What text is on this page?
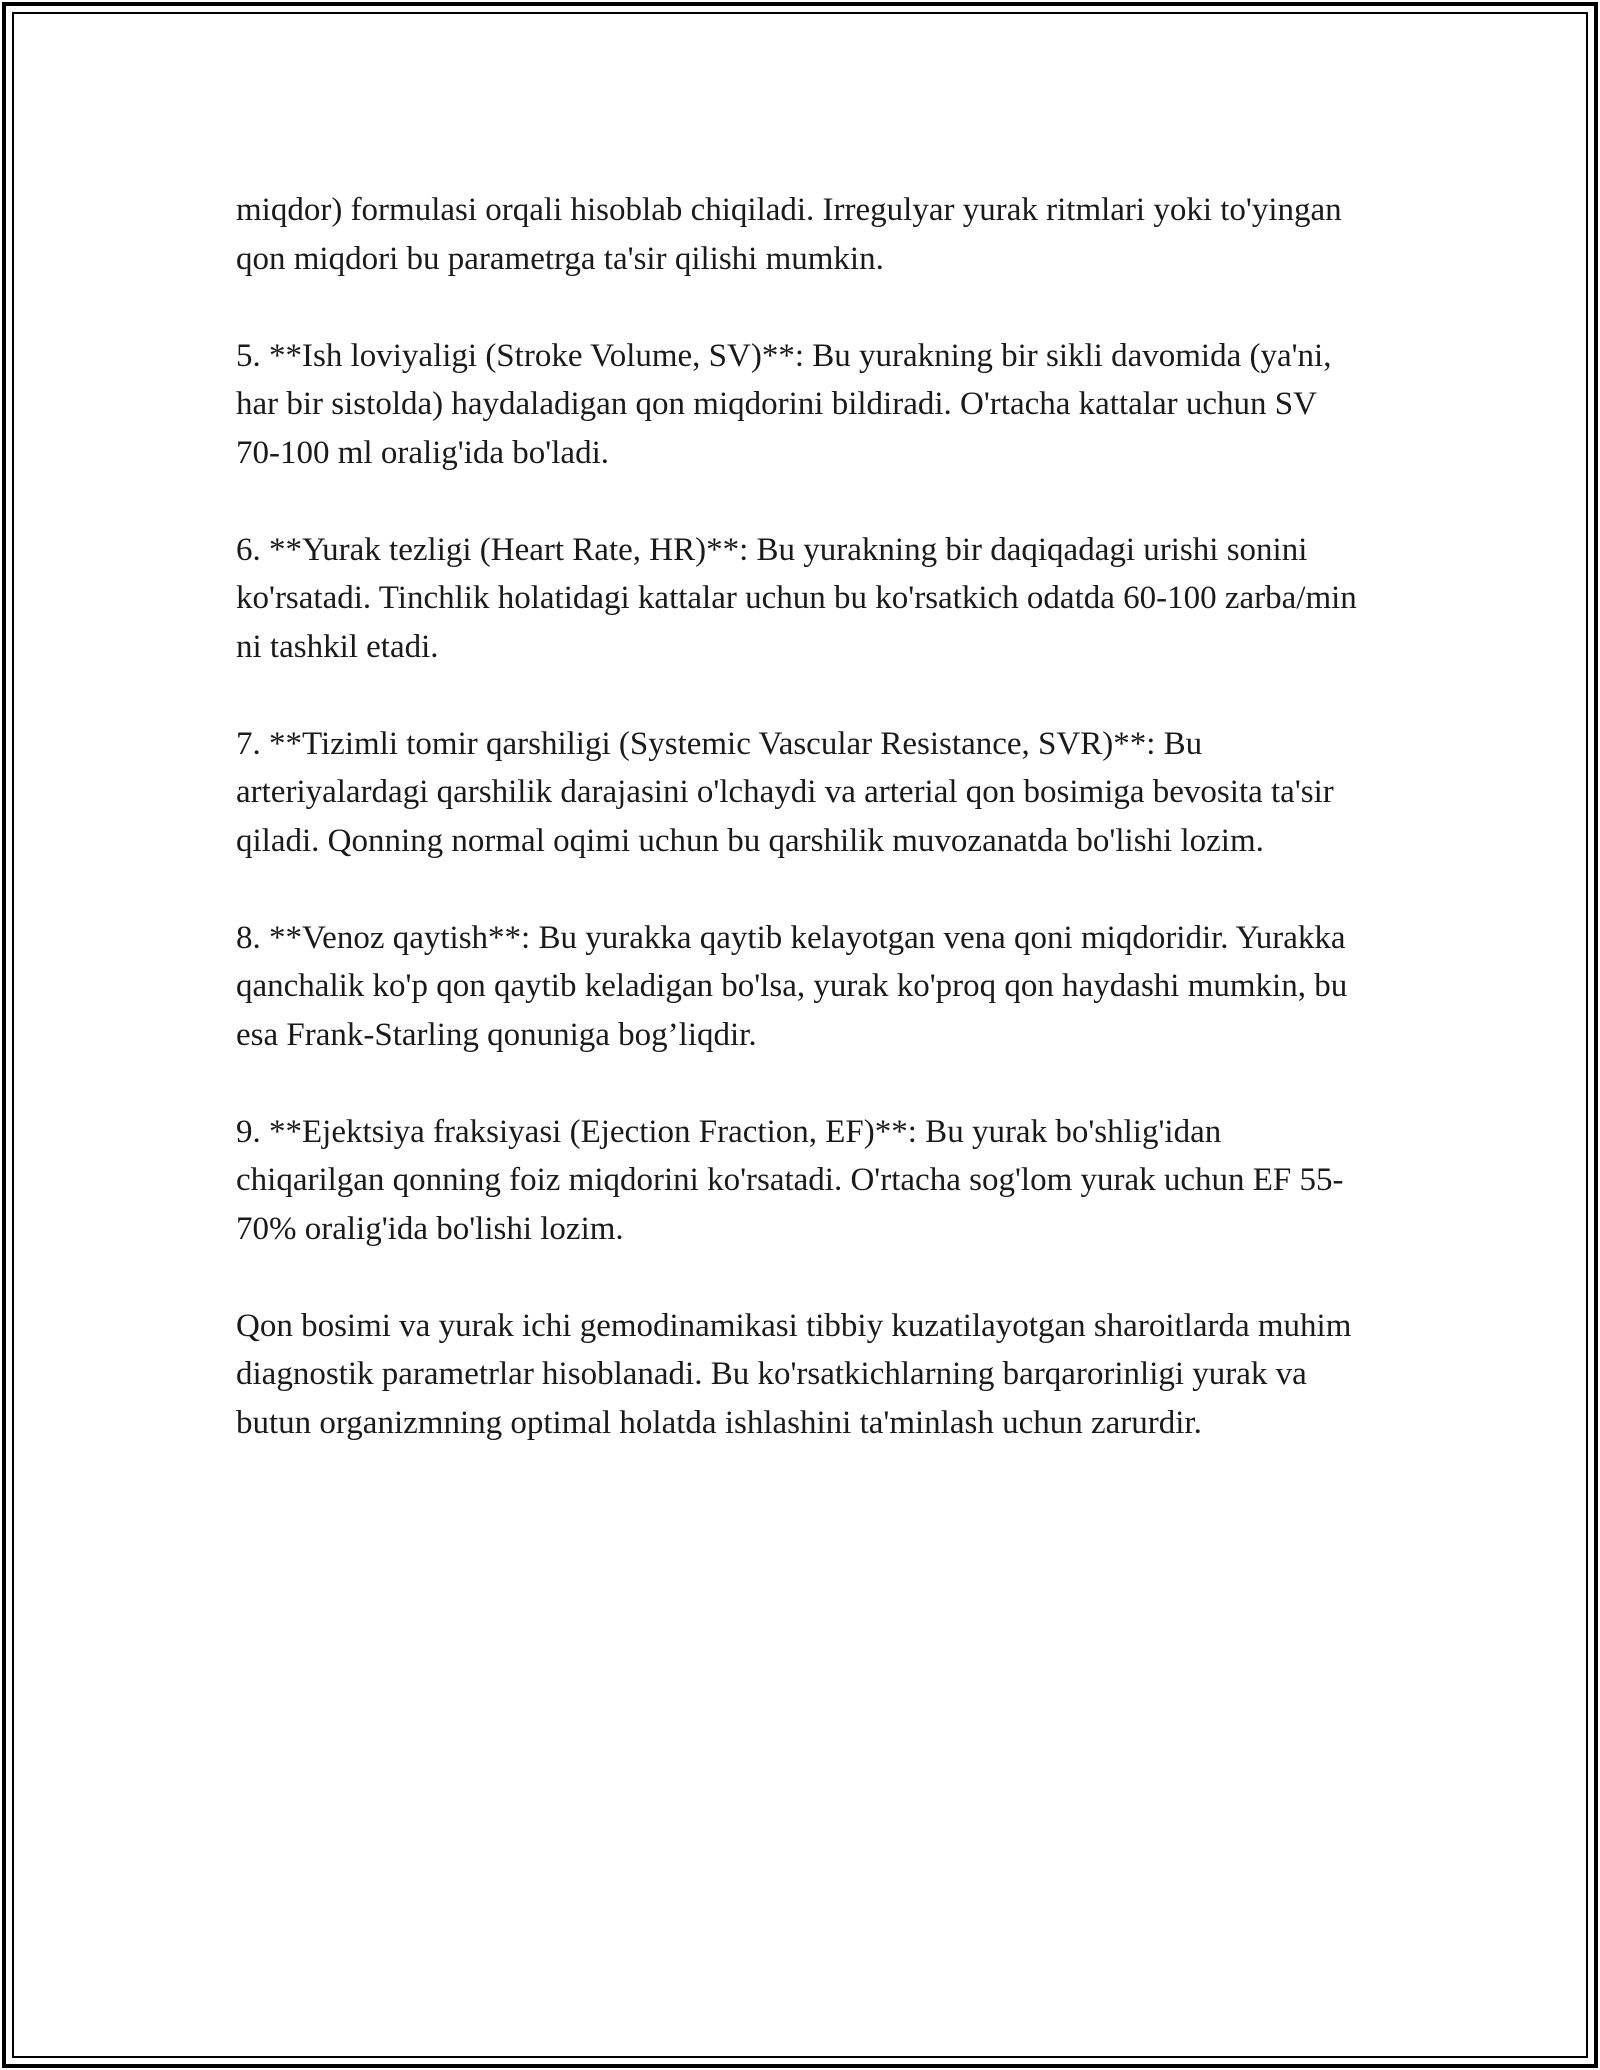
miqdor) formulasi orqali hisoblab chiqiladi. Irregulyar yurak ritmlari yoki to'yingan qon miqdori bu parametrga ta'sir qilishi mumkin.

5. **Ish loviyaligi (Stroke Volume, SV)**: Bu yurakning bir sikli davomida (ya'ni, har bir sistolda) haydaladigan qon miqdorini bildiradi. O'rtacha kattalar uchun SV 70-100 ml oralig'ida bo'ladi.

6. **Yurak tezligi (Heart Rate, HR)**: Bu yurakning bir daqiqadagi urishi sonini ko'rsatadi. Tinchlik holatidagi kattalar uchun bu ko'rsatkich odatda 60-100 zarba/min ni tashkil etadi.

7. **Tizimli tomir qarshiligi (Systemic Vascular Resistance, SVR)**: Bu arteriyalardagi qarshilik darajasini o'lchaydi va arterial qon bosimiga bevosita ta'sir qiladi. Qonning normal oqimi uchun bu qarshilik muvozanatda bo'lishi lozim.

8. **Venoz qaytish**: Bu yurakka qaytib kelayotgan vena qoni miqdoridir. Yurakka qanchalik ko'p qon qaytib keladigan bo'lsa, yurak ko'proq qon haydashi mumkin, bu esa Frank-Starling qonuniga bog’liqdir.

9. **Ejektsiya fraksiyasi (Ejection Fraction, EF)**: Bu yurak bo'shlig'idan chiqarilgan qonning foiz miqdorini ko'rsatadi. O'rtacha sog'lom yurak uchun EF 55-70% oralig'ida bo'lishi lozim.

Qon bosimi va yurak ichi gemodinamikasi tibbiy kuzatilayotgan sharoitlarda muhim diagnostik parametrlar hisoblanadi. Bu ko'rsatkichlarning barqarorinligi yurak va butun organizmning optimal holatda ishlashini ta'minlash uchun zarurdir.
